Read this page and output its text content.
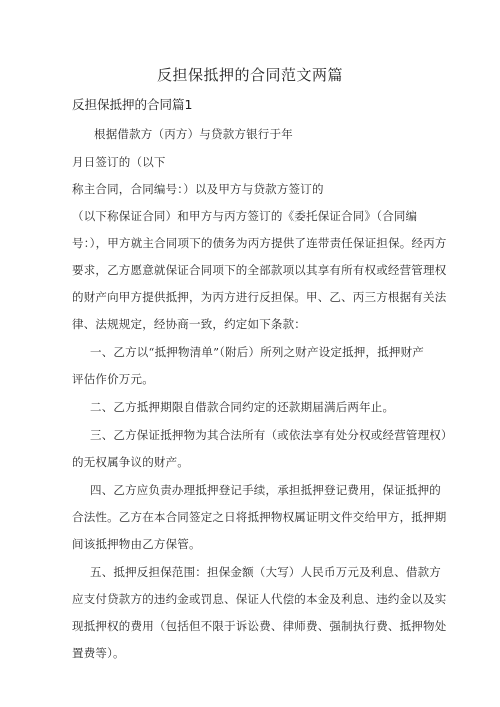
反担保抵押的合同范文两篇
反担保抵押的合同篇1
根据借款方（丙方）与贷款方银行于年
月日签订的（以下
称主合同，合同编号：）以及甲方与贷款方签订的
（以下称保证合同）和甲方与丙方签订的《委托保证合同》（合同编
号：），甲方就主合同项下的债务为丙方提供了连带责任保证担保。经丙方
要求，乙方愿意就保证合同项下的全部款项以其享有所有权或经营管理权
的财产向甲方提供抵押，为丙方进行反担保。甲、乙、丙三方根据有关法
律、法规规定，经协商一致，约定如下条款：
一、乙方以“抵押物清单”（附后）所列之财产设定抵押，抵押财产
评估作价万元。
二、乙方抵押期限自借款合同约定的还款期届满后两年止。
三、乙方保证抵押物为其合法所有（或依法享有处分权或经营管理权）
的无权属争议的财产。
四、乙方应负责办理抵押登记手续，承担抵押登记费用，保证抵押的
合法性。乙方在本合同签定之日将抵押物权属证明文件交给甲方，抵押期
间该抵押物由乙方保管。
五、抵押反担保范围：担保金额（大写）人民币万元及利息、借款方
应支付贷款方的违约金或罚息、保证人代偿的本金及利息、违约金以及实
现抵押权的费用（包括但不限于诉讼费、律师费、强制执行费、抵押物处
置费等）。
